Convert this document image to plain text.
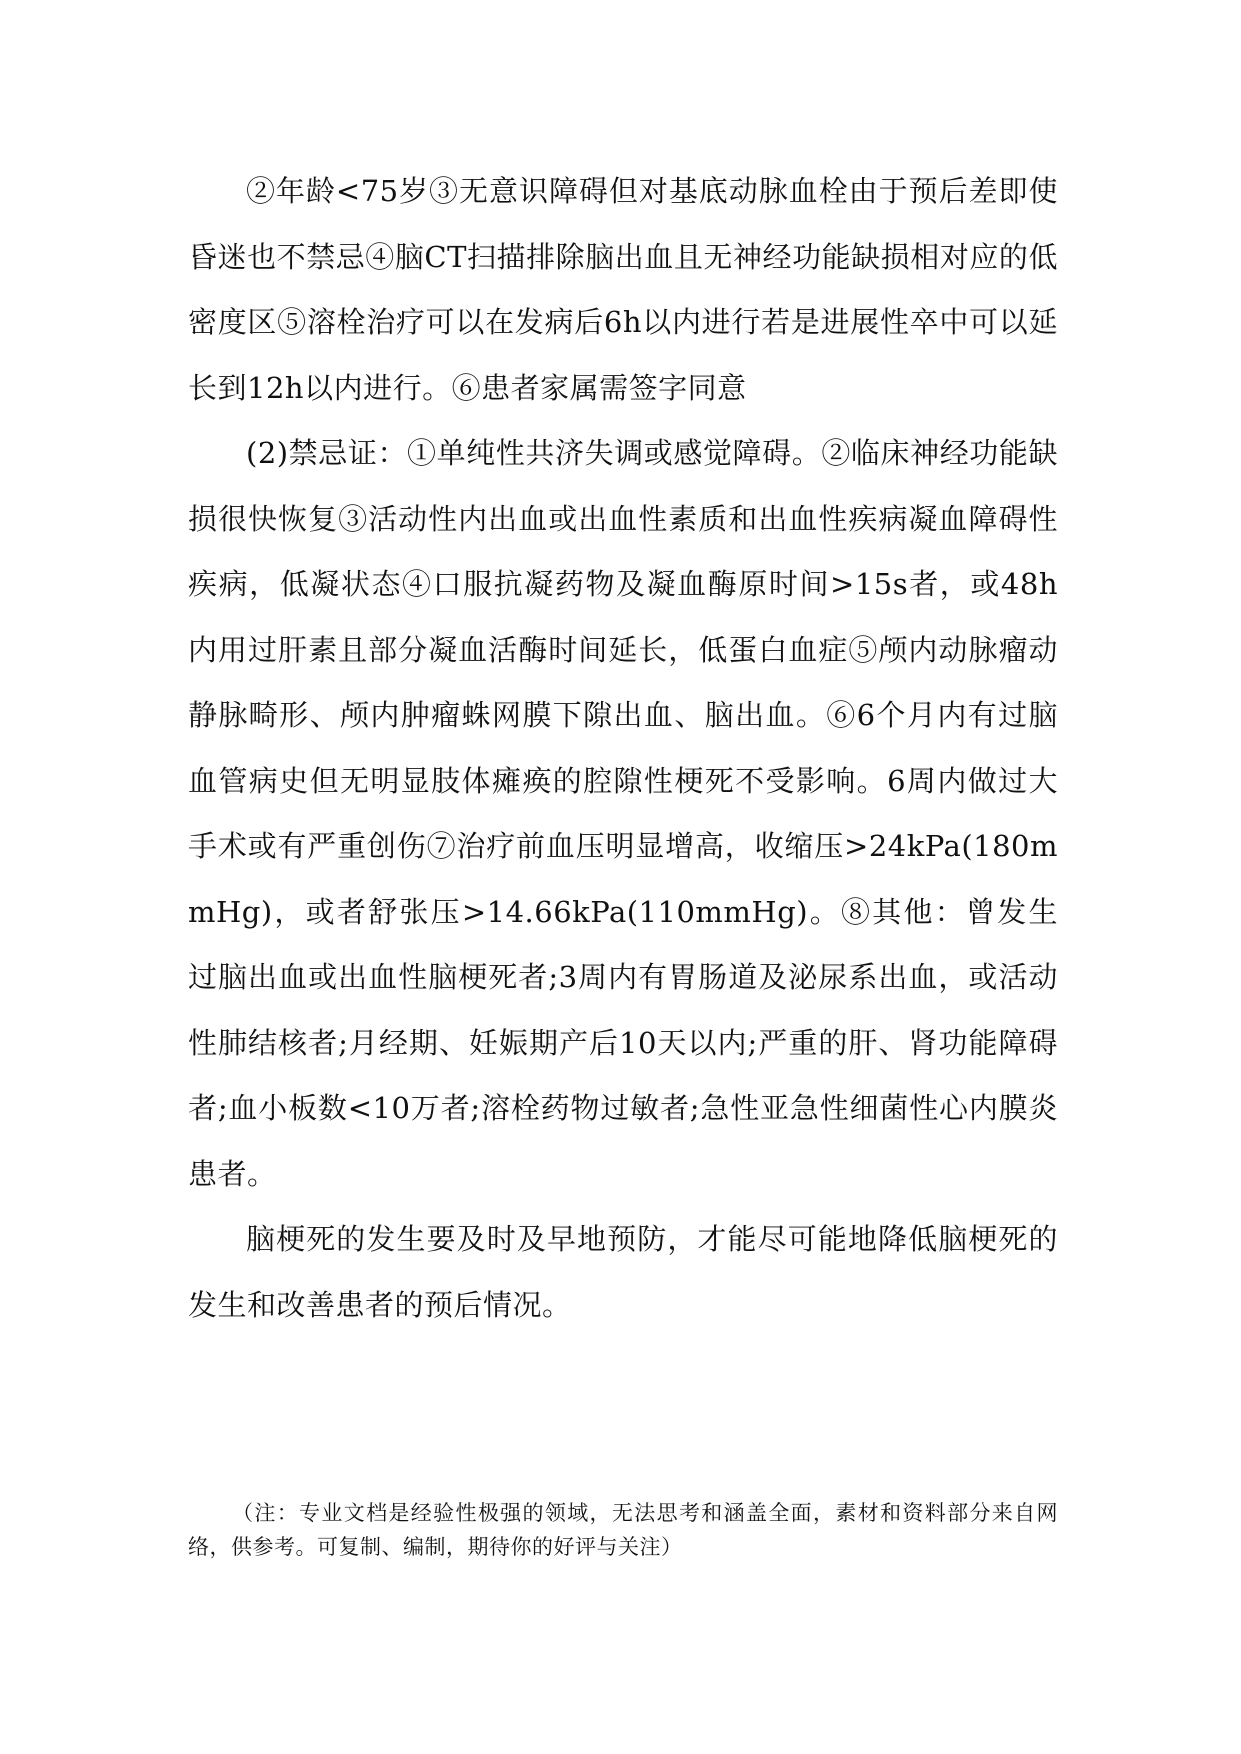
②年龄<75岁③无意识障碍但对基底动脉血栓由于预后差即使昏迷也不禁忌④脑CT扫描排除脑出血且无神经功能缺损相对应的低密度区⑤溶栓治疗可以在发病后6h以内进行若是进展性卒中可以延长到12h以内进行。⑥患者家属需签字同意

(2)禁忌证：①单纯性共济失调或感觉障碍。②临床神经功能缺损很快恢复③活动性内出血或出血性素质和出血性疾病凝血障碍性疾病，低凝状态④口服抗凝药物及凝血酶原时间>15s者，或48h内用过肝素且部分凝血活酶时间延长，低蛋白血症⑤颅内动脉瘤动静脉畸形、颅内肿瘤蛛网膜下隙出血、脑出血。⑥6个月内有过脑血管病史但无明显肢体瘫痪的腔隙性梗死不受影响。6周内做过大手术或有严重创伤⑦治疗前血压明显增高，收缩压>24kPa(180mmHg)，或者舒张压>14.66kPa(110mmHg)。⑧其他：曾发生过脑出血或出血性脑梗死者;3周内有胃肠道及泌尿系出血，或活动性肺结核者;月经期、妊娠期产后10天以内;严重的肝、肾功能障碍者;血小板数<10万者;溶栓药物过敏者;急性亚急性细菌性心内膜炎患者。

脑梗死的发生要及时及早地预防，才能尽可能地降低脑梗死的发生和改善患者的预后情况。

（注：专业文档是经验性极强的领域，无法思考和涵盖全面，素材和资料部分来自网络，供参考。可复制、编制，期待你的好评与关注）
